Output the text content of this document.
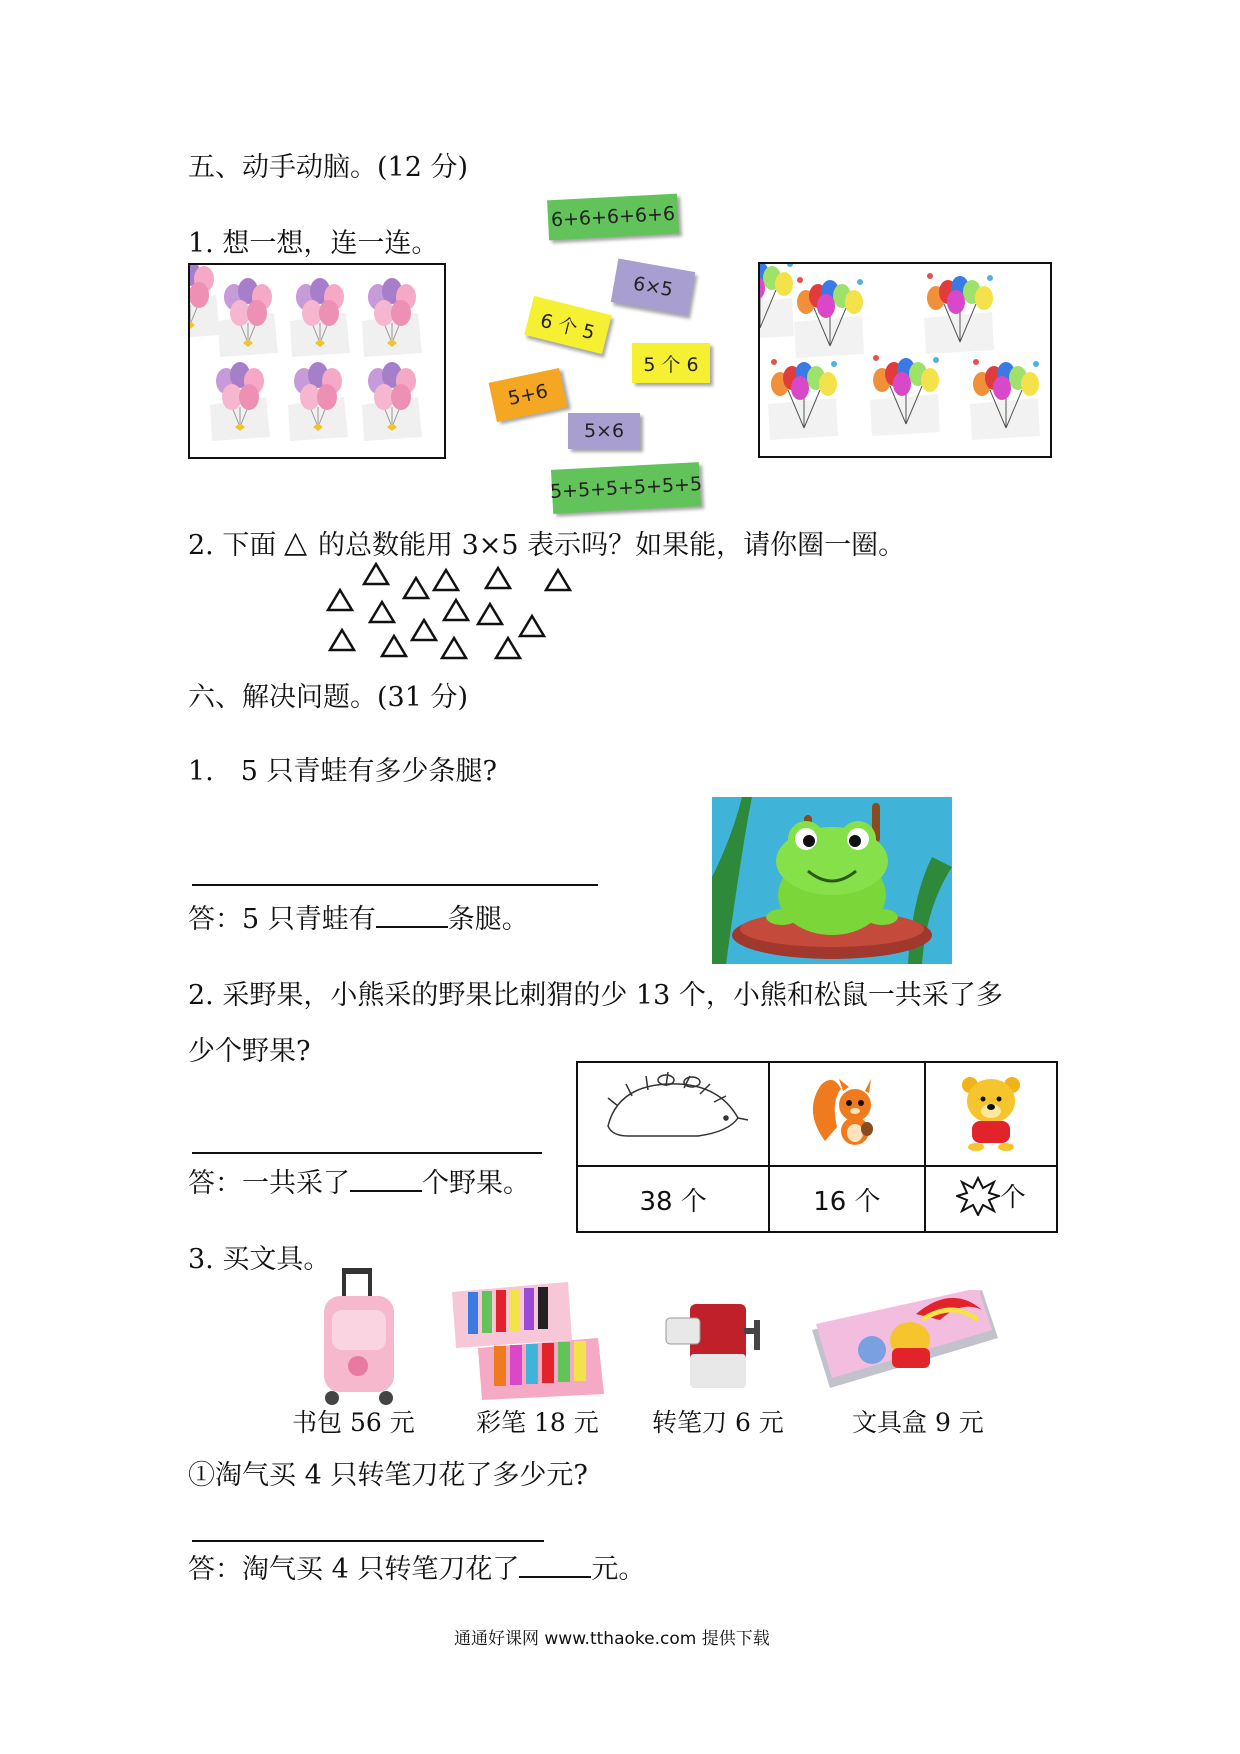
五、动手动脑。(12 分)
1. 想一想，连一连。
6+6+6+6+6
6×5
6 个 5
5 个 6
5+6
5×6
5+5+5+5+5+5
2. 下面 △ 的总数能用 3×5 表示吗？如果能，请你圈一圈。
六、解决问题。(31 分)
1.　5 只青蛙有多少条腿?
答：5 只青蛙有	条腿。
2. 采野果，小熊采的野果比刺猬的少 13 个，小熊和松鼠一共采了多
少个野果?
答：一共采了	个野果。

38 个	16 个	个
3. 买文具。
书包 56 元 彩笔 18 元 转笔刀 6 元	文具盒 9 元
①淘气买 4 只转笔刀花了多少元?
答：淘气买 4 只转笔刀花了	元。
通通好课网 www.tthaoke.com 提供下载
